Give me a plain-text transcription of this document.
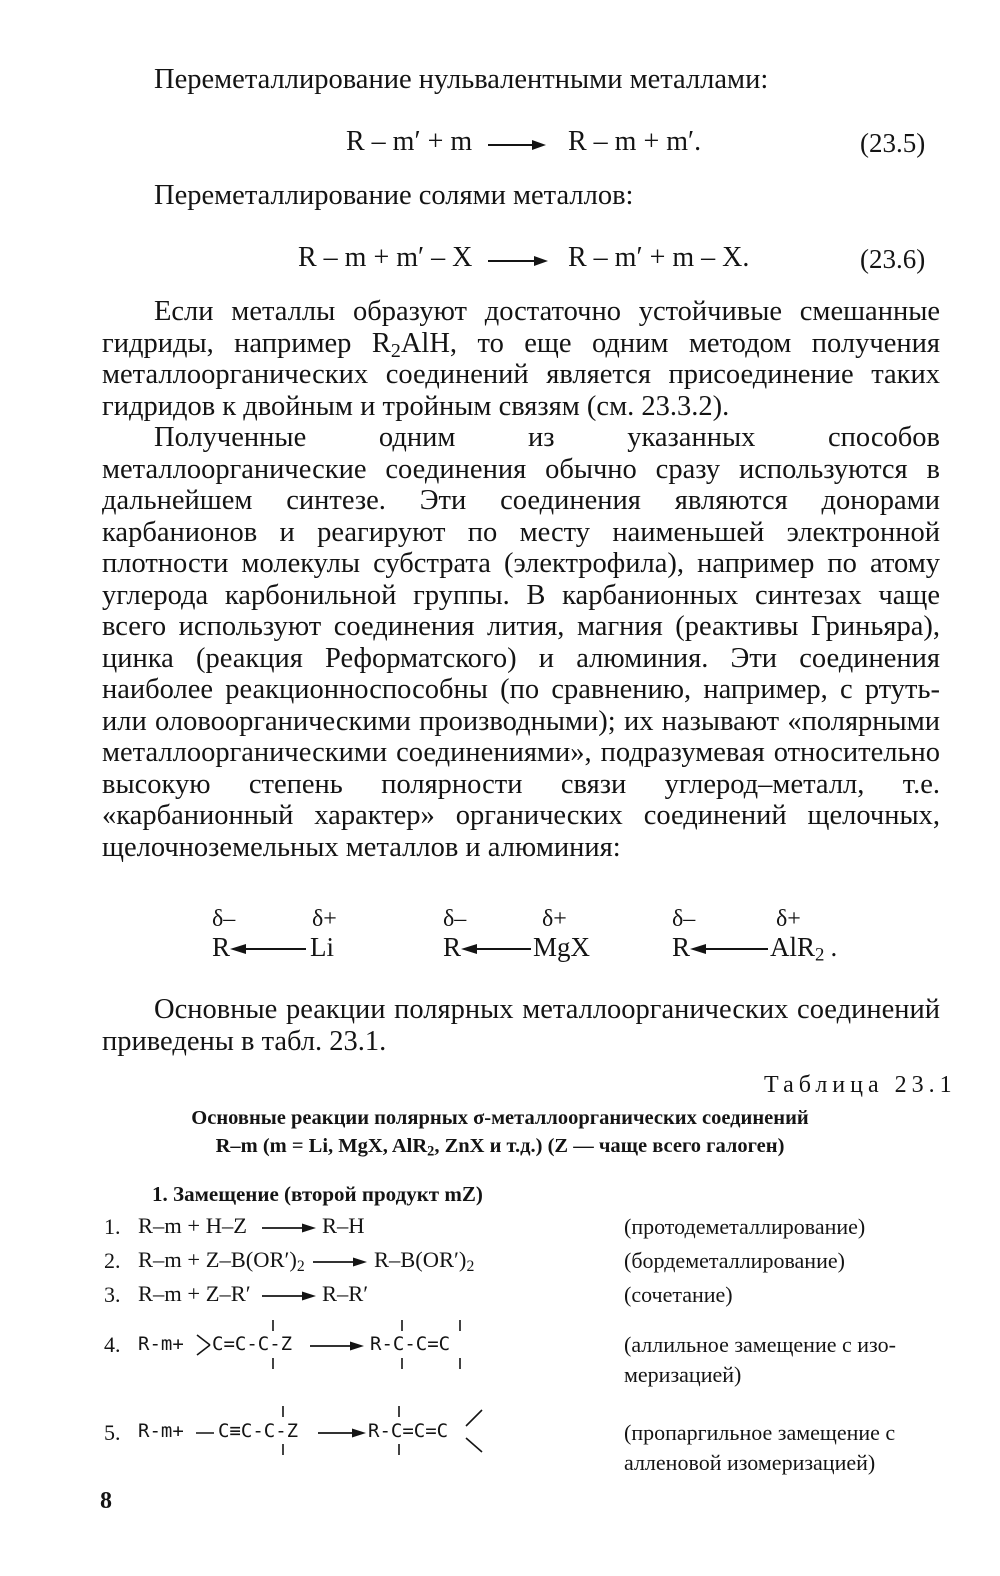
Переметаллирование нульвалентными металлами:
R – m′ + m	R – m + m′.	(23.5)
Переметаллирование солями металлов:
R – m + m′ – X	R – m′ + m – X.	(23.6)

Если металлы образуют достаточно устойчивые смешанные гидриды, например $R_2AlH$, то еще одним методом получения металлоорганических соединений является присоединение таких гидридов к двойным и тройным связям (см. 23.3.2).

Полученные одним из указанных способов металлоорганические соединения обычно сразу используются в дальнейшем синтезе. Эти соединения являются донорами карбанионов и реагируют по месту наименьшей электронной плотности молекулы субстрата (электрофила), например по атому углерода карбонильной группы. В карбанионных синтезах чаще всего используют соединения лития, магния (реактивы Гриньяра), цинка (реакция Реформатского) и алюминия. Эти соединения наиболее реакционноспособны (по сравнению, например, с ртуть- или оловоорганическими производными); их называют «полярными металлоорганическими соединениями», подразумевая относительно высокую степень полярности связи углерод–металл, т.е. «карбанионный характер» органических соединений щелочных, щелочноземельных металлов и алюминия:

δ–	δ+
R	Li
δ–	δ+
R	MgX
δ–	δ+
R	AlR$_2$ .

Основные реакции полярных металлоорганических соединений приведены в табл. 23.1.

Таблица 23.1
Основные реакции полярных σ-металлоорганических соединений
R–m (m = Li, MgX, AlR$_2$, ZnX и т.д.) (Z — чаще всего галоген)
1. Замещение (второй продукт mZ)
1. R–m + H–Z	R–H	(протодеметаллирование)
2. $R-m + Z-B(OR')_2$	$R-B(OR')_2$	(бордеметаллирование)
3. R–m + Z–R′	R–R′	(сочетание)
4. R-m+ C=C-C-Z	R-C-C=C	(аллильное замещение с изо-
меризацией)
5. R-m+ C≡C-C-Z	R-C=C=C	(пропаргильное замещение с
алленовой изомеризацией)
8
